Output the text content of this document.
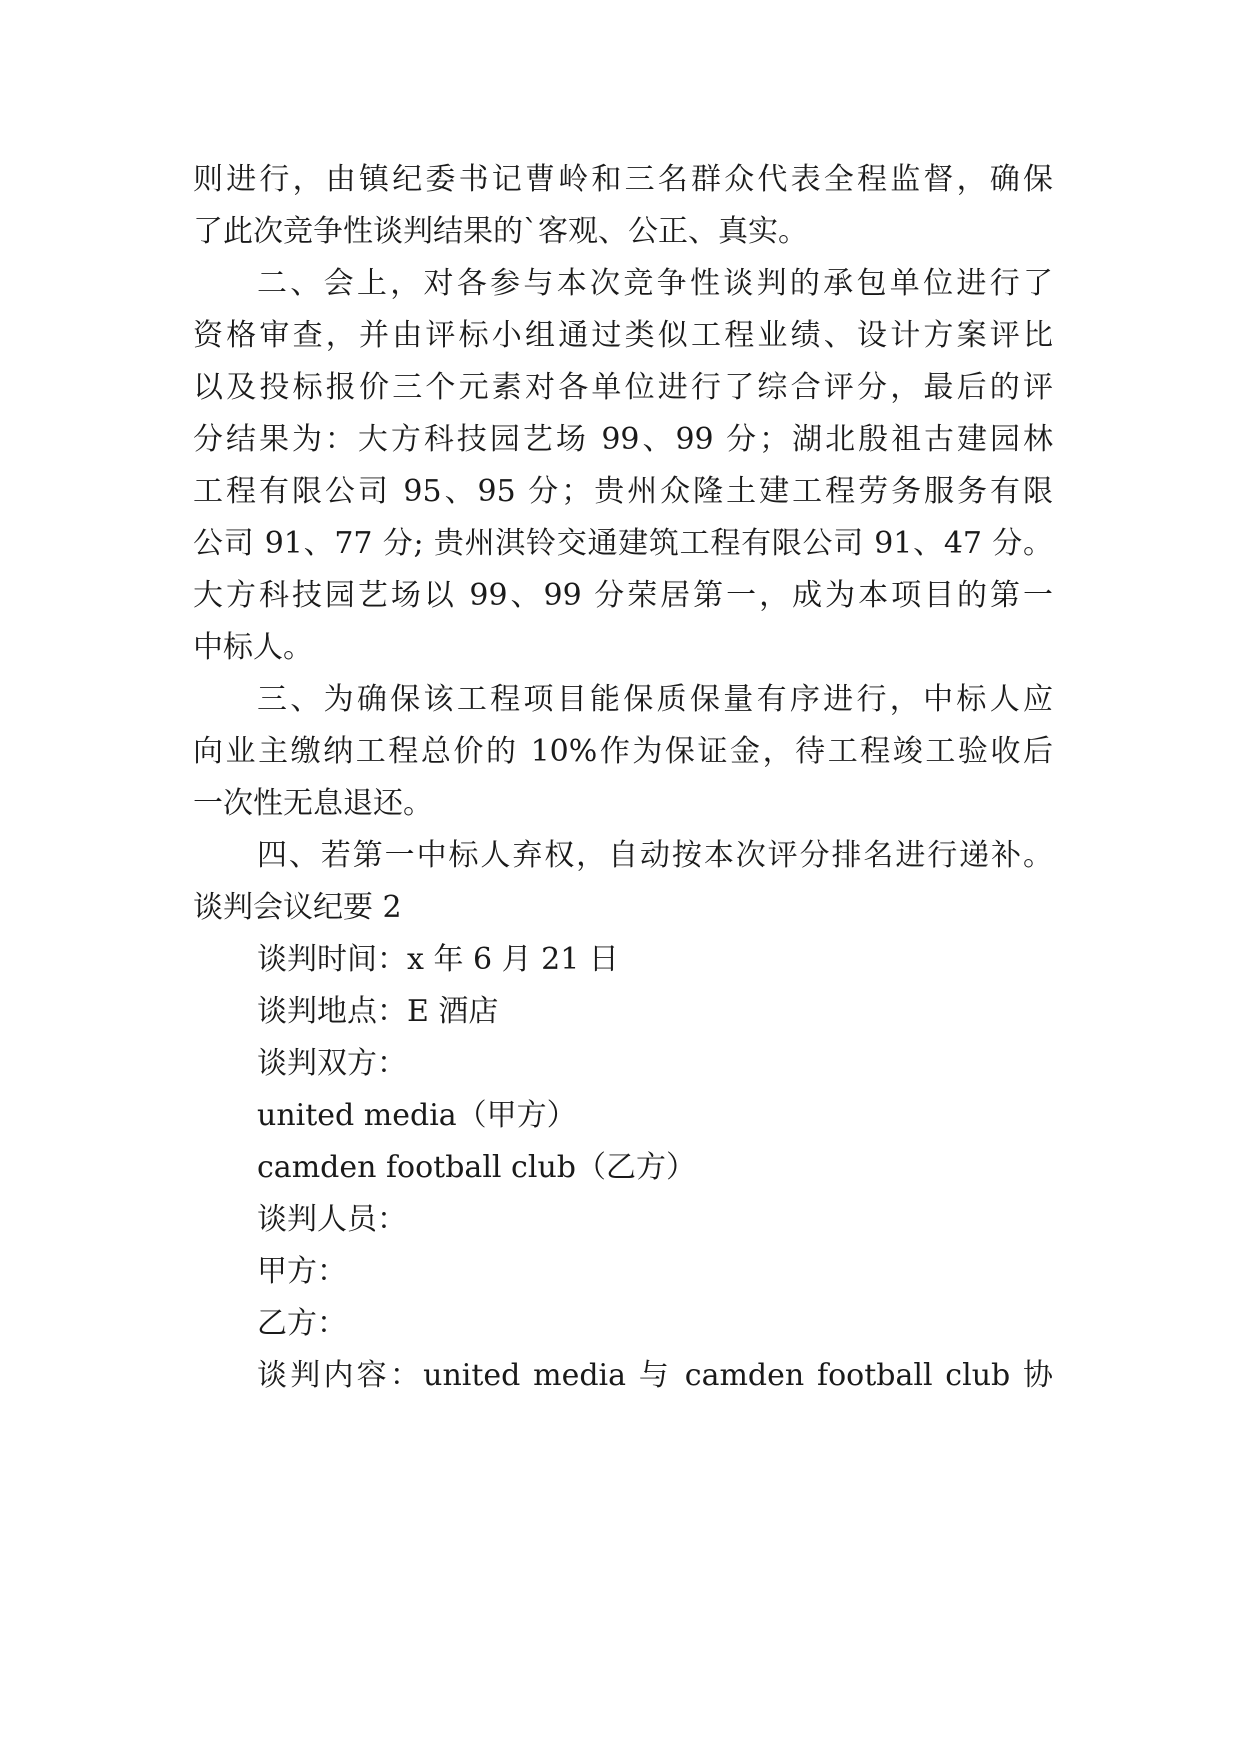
则进行，由镇纪委书记曹岭和三名群众代表全程监督，确保
了此次竞争性谈判结果的`客观、公正、真实。
二、会上，对各参与本次竞争性谈判的承包单位进行了
资格审查，并由评标小组通过类似工程业绩、设计方案评比
以及投标报价三个元素对各单位进行了综合评分，最后的评
分结果为：大方科技园艺场 99、99 分；湖北殷祖古建园林
工程有限公司 95、95 分；贵州众隆土建工程劳务服务有限
公司 91、77 分; 贵州淇铃交通建筑工程有限公司 91、47 分。
大方科技园艺场以 99、99 分荣居第一，成为本项目的第一
中标人。
三、为确保该工程项目能保质保量有序进行，中标人应
向业主缴纳工程总价的 10%作为保证金，待工程竣工验收后
一次性无息退还。
四、若第一中标人弃权，自动按本次评分排名进行递补。
谈判会议纪要 2
谈判时间：x 年 6 月 21 日
谈判地点：E 酒店
谈判双方：
united media（甲方）
camden football club（乙方）
谈判人员：
甲方：
乙方：
谈判内容：united media 与 camden football club 协
